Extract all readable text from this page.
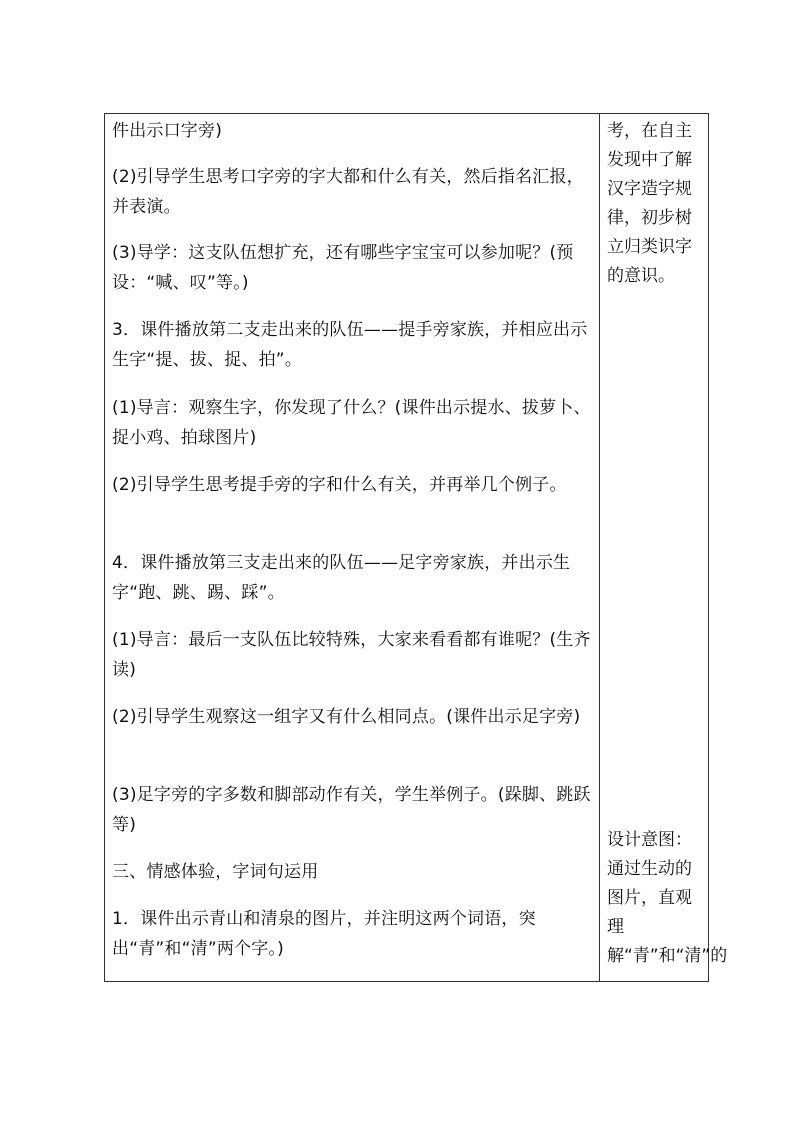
件出示口字旁)

(2)引导学生思考口字旁的字大都和什么有关，然后指名汇报，并表演。

(3)导学：这支队伍想扩充，还有哪些字宝宝可以参加呢？(预设：“喊、叹”等。)

3．课件播放第二支走出来的队伍——提手旁家族，并相应出示生字“提、拔、捉、拍”。

(1)导言：观察生字，你发现了什么？(课件出示提水、拔萝卜、捉小鸡、拍球图片)

(2)引导学生思考提手旁的字和什么有关，并再举几个例子。

4．课件播放第三支走出来的队伍——足字旁家族，并出示生字“跑、跳、踢、踩”。

(1)导言：最后一支队伍比较特殊，大家来看看都有谁呢？(生齐读)

(2)引导学生观察这一组字又有什么相同点。(课件出示足字旁)

(3)足字旁的字多数和脚部动作有关，学生举例子。(跺脚、跳跃等)

三、情感体验，字词句运用

1．课件出示青山和清泉的图片，并注明这两个词语，突出“青”和“清”两个字。)

考，在自主发现中了解汉字造字规律，初步树立归类识字的意识。

设计意图：通过生动的图片，直观理解“青”和“清”的
